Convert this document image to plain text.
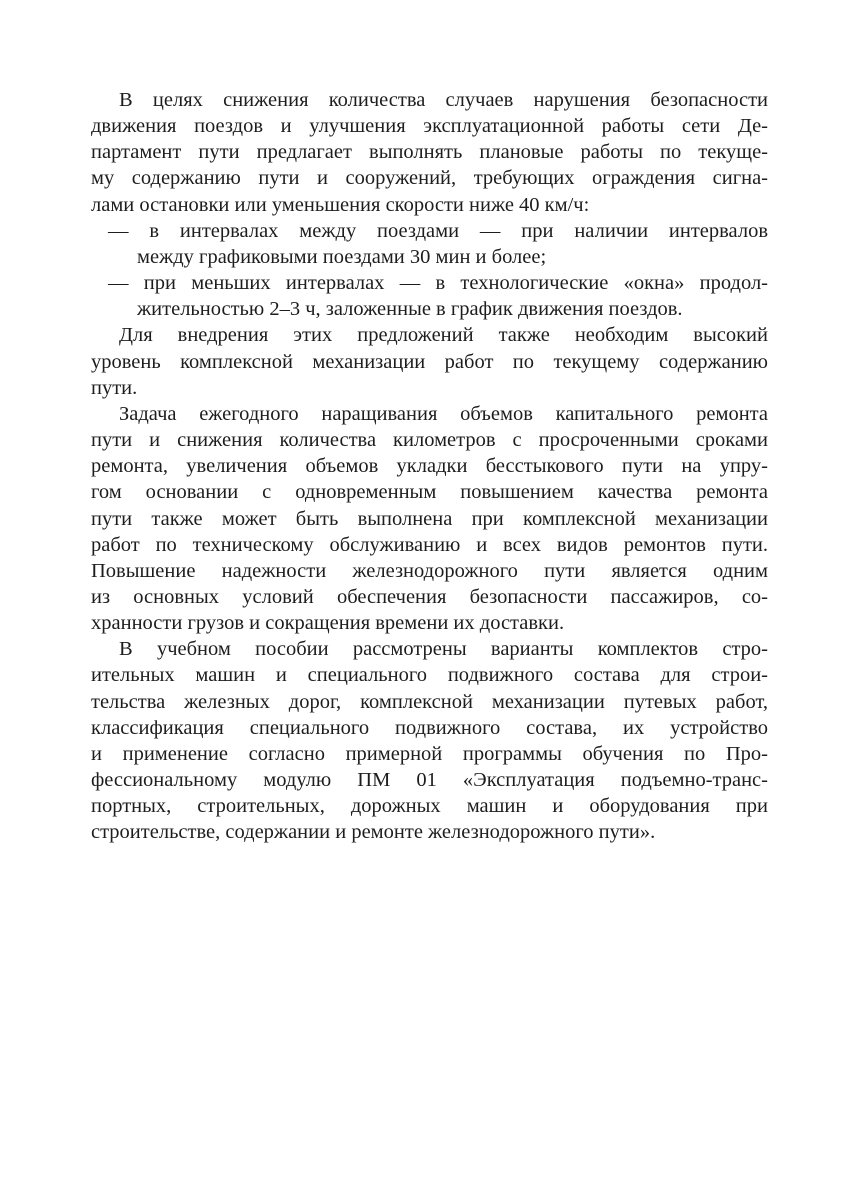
В целях снижения количества случаев нарушения безопасности
движения поездов и улучшения эксплуатационной работы сети Де-
партамент пути предлагает выполнять плановые работы по текуще-
му содержанию пути и сооружений, требующих ограждения сигна-
лами остановки или уменьшения скорости ниже 40 км/ч:
— в интервалах между поездами — при наличии интервалов
между графиковыми поездами 30 мин и более;
— при меньших интервалах — в технологические «окна» продол-
жительностью 2–3 ч, заложенные в график движения поездов.
Для внедрения этих предложений также необходим высокий
уровень комплексной механизации работ по текущему содержанию
пути.
Задача ежегодного наращивания объемов капитального ремонта
пути и снижения количества километров с просроченными сроками
ремонта, увеличения объемов укладки бесстыкового пути на упру-
гом основании с одновременным повышением качества ремонта
пути также может быть выполнена при комплексной механизации
работ по техническому обслуживанию и всех видов ремонтов пути.
Повышение надежности железнодорожного пути является одним
из основных условий обеспечения безопасности пассажиров, со-
хранности грузов и сокращения времени их доставки.
В учебном пособии рассмотрены варианты комплектов стро-
ительных машин и специального подвижного состава для строи-
тельства железных дорог, комплексной механизации путевых работ,
классификация специального подвижного состава, их устройство
и применение согласно примерной программы обучения по Про-
фессиональному модулю ПМ 01 «Эксплуатация подъемно-транс-
портных, строительных, дорожных машин и оборудования при
строительстве, содержании и ремонте железнодорожного пути».
